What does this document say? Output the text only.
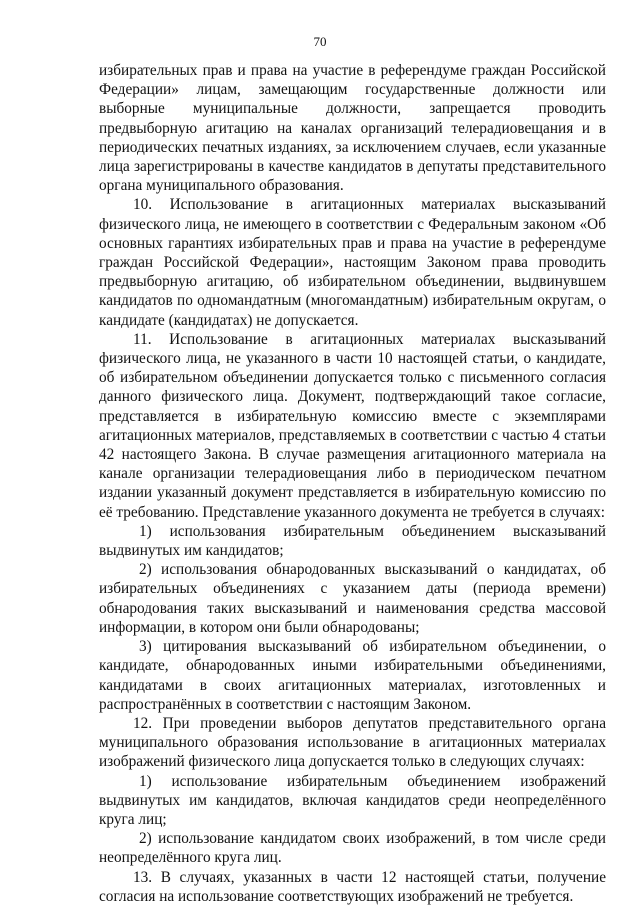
70

избирательных прав и права на участие в референдуме граждан Российской Федерации» лицам, замещающим государственные должности или выборные муниципальные должности, запрещается проводить предвыборную агитацию на каналах организаций телерадиовещания и в периодических печатных изданиях, за исключением случаев, если указанные лица зарегистрированы в качестве кандидатов в депутаты представительного органа муниципального образования.

10. Использование в агитационных материалах высказываний физического лица, не имеющего в соответствии с Федеральным законом «Об основных гарантиях избирательных прав и права на участие в референдуме граждан Российской Федерации», настоящим Законом права проводить предвыборную агитацию, об избирательном объединении, выдвинувшем кандидатов по одномандатным (многомандатным) избирательным округам, о кандидате (кандидатах) не допускается.

11. Использование в агитационных материалах высказываний физического лица, не указанного в части 10 настоящей статьи, о кандидате, об избирательном объединении допускается только с письменного согласия данного физического лица. Документ, подтверждающий такое согласие, представляется в избирательную комиссию вместе с экземплярами агитационных материалов, представляемых в соответствии с частью 4 статьи 42 настоящего Закона. В случае размещения агитационного материала на канале организации телерадиовещания либо в периодическом печатном издании указанный документ представляется в избирательную комиссию по её требованию. Представление указанного документа не требуется в случаях:

1) использования избирательным объединением высказываний выдвинутых им кандидатов;

2) использования обнародованных высказываний о кандидатах, об избирательных объединениях с указанием даты (периода времени) обнародования таких высказываний и наименования средства массовой информации, в котором они были обнародованы;

3) цитирования высказываний об избирательном объединении, о кандидате, обнародованных иными избирательными объединениями, кандидатами в своих агитационных материалах, изготовленных и распространённых в соответствии с настоящим Законом.

12. При проведении выборов депутатов представительного органа муниципального образования использование в агитационных материалах изображений физического лица допускается только в следующих случаях:

1) использование избирательным объединением изображений выдвинутых им кандидатов, включая кандидатов среди неопределённого круга лиц;

2) использование кандидатом своих изображений, в том числе среди неопределённого круга лиц.

13. В случаях, указанных в части 12 настоящей статьи, получение согласия на использование соответствующих изображений не требуется.
